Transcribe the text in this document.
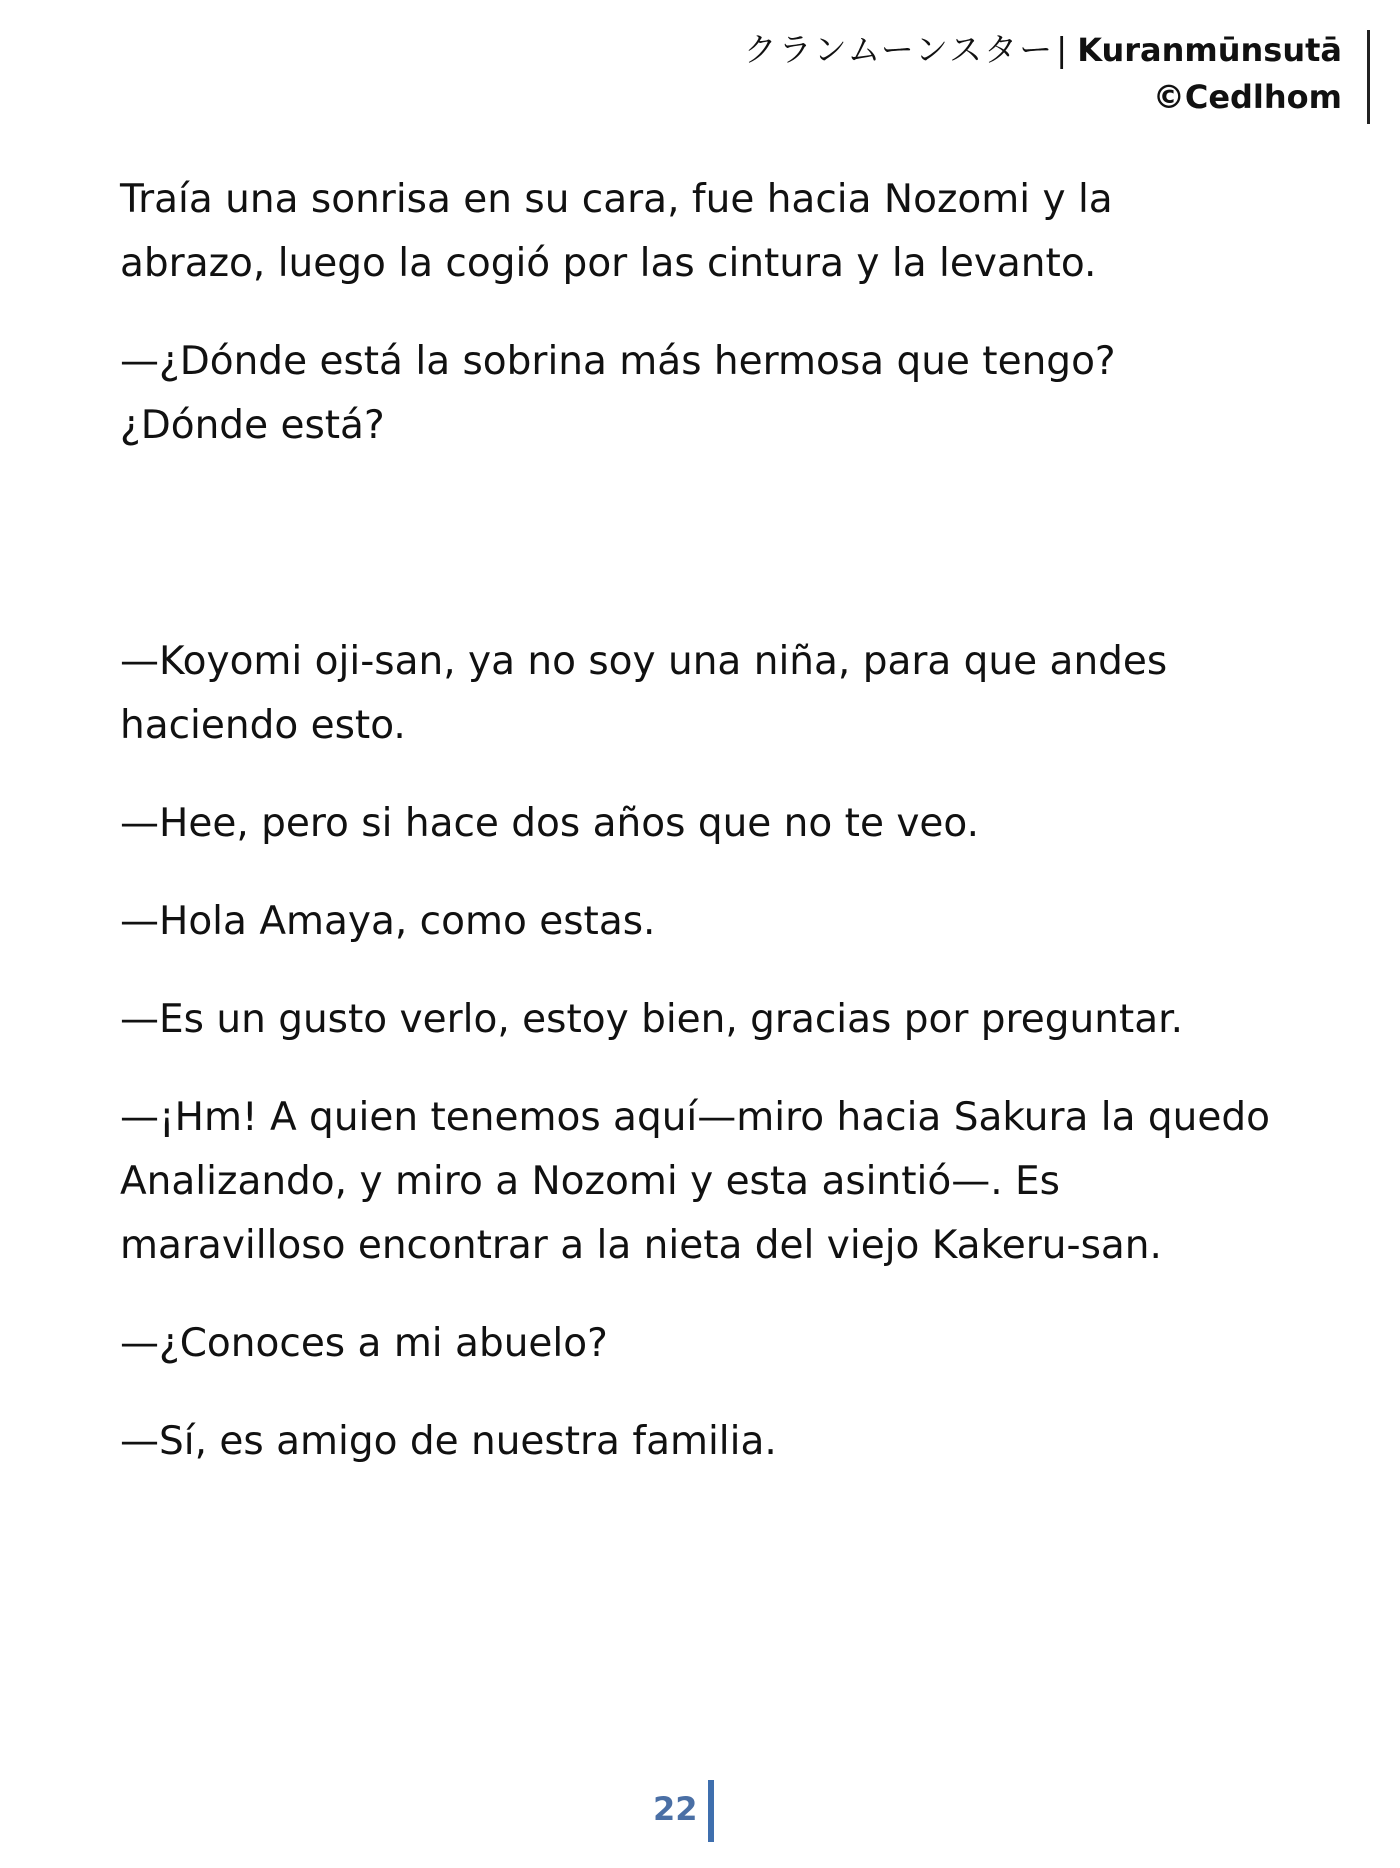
クランムーンスター| Kuranmūnsutā
©Cedlhom

Traía una sonrisa en su cara, fue hacia Nozomi y la abrazo, luego la cogió por las cintura y la levanto.

—¿Dónde está la sobrina más hermosa que tengo? ¿Dónde está?

—Koyomi oji-san, ya no soy una niña, para que andes haciendo esto.

—Hee, pero si hace dos años que no te veo.

—Hola Amaya, como estas.

—Es un gusto verlo, estoy bien, gracias por preguntar.

—¡Hm! A quien tenemos aquí—miro hacia Sakura la quedo Analizando, y miro a Nozomi y esta asintió—. Es maravilloso encontrar a la nieta del viejo Kakeru-san.

—¿Conoces a mi abuelo?

—Sí, es amigo de nuestra familia.

22
